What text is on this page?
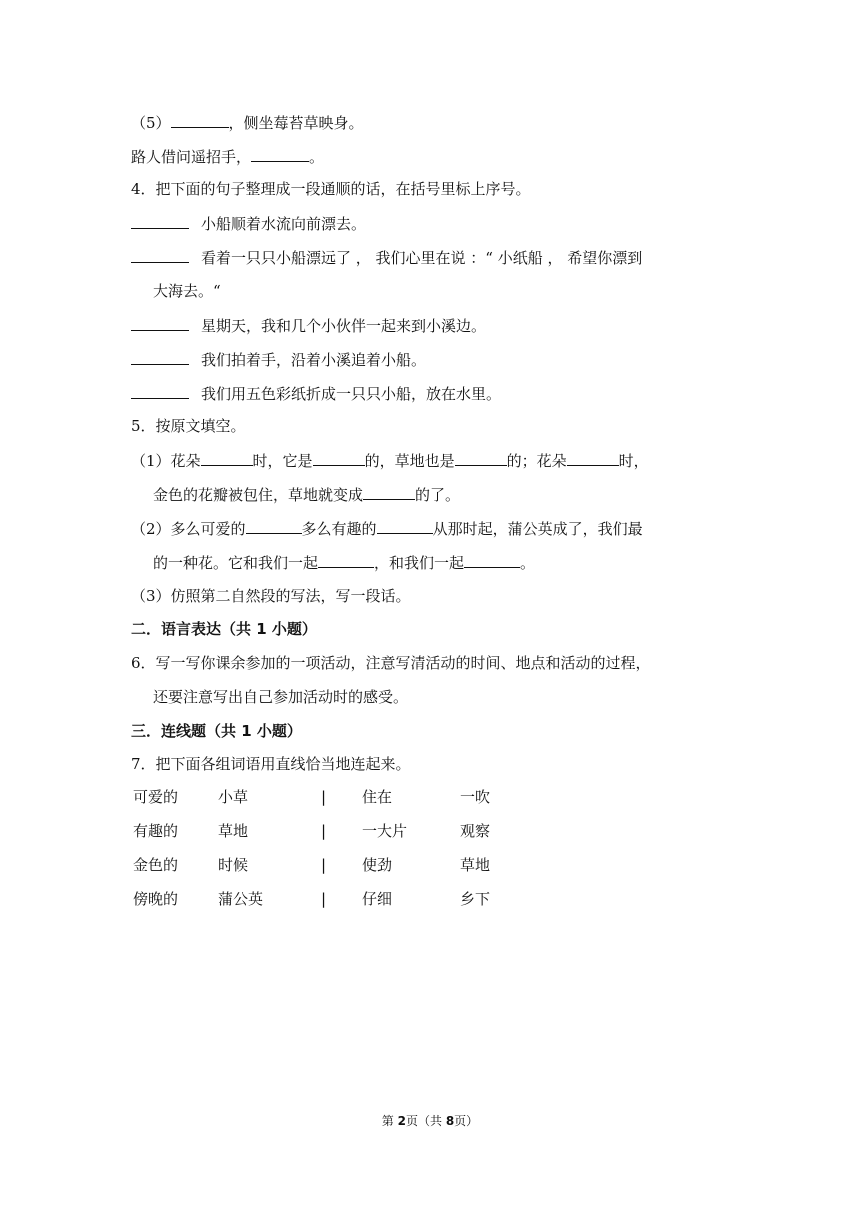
（5）	，侧坐莓苔草映身。
路人借问遥招手，	。
4．把下面的句子整理成一段通顺的话，在括号里标上序号。
小船顺着水流向前漂去。
看着一只只小船漂远了 ， 我们心里在说 ：“ 小纸船 ， 希望你漂到
大海去。“
星期天，我和几个小伙伴一起来到小溪边。
我们拍着手，沿着小溪追着小船。
我们用五色彩纸折成一只只小船，放在水里。
5．按原文填空。
（1）花朵	时，它是	的，草地也是	的；花朵	时，
金色的花瓣被包住，草地就变成	的了。
（2）多么可爱的	多么有趣的	从那时起，蒲公英成了，我们最
的一种花。它和我们一起	，和我们一起	。
（3）仿照第二自然段的写法，写一段话。
二．语言表达（共 1 小题）
6．写一写你课余参加的一项活动，注意写清活动的时间、地点和活动的过程，
还要注意写出自己参加活动时的感受。
三．连线题（共 1 小题）
7．把下面各组词语用直线恰当地连起来。
可爱的	小草	| 住在	一吹
有趣的	草地	| 一大片	观察
金色的	时候	| 使劲	草地
傍晚的	蒲公英	| 仔细	乡下
第 2页（共 8页）
